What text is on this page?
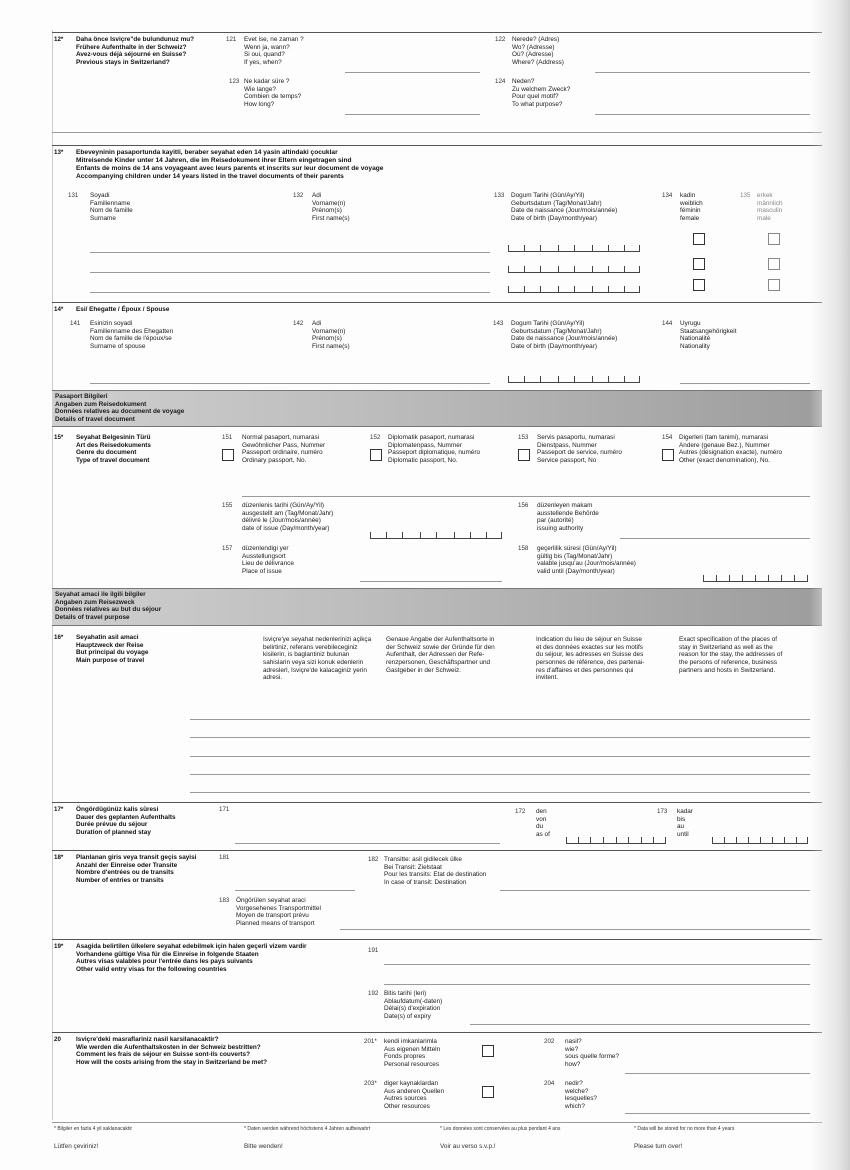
12* Daha önce Isviçre"de bulundunuz mu?
Frühere Aufenthalte in der Schweiz?
Avez-vous déjà séjourné en Suisse?
Previous stays in Switzerland?
121 Evet ise, ne zaman ?
Wenn ja, wann?
Si oui, quand?
If yes, when?
122 Nerede? (Adres)
Wo? (Adresse)
Où? (Adresse)
Where? (Address)
123 Ne kadar süre ?
Wie lange?
Combien de temps?
How long?
124 Neden?
Zu welchem Zweck?
Pour quel motif?
To what purpose?
13* Ebeveyninin pasaportunda kayitli, beraber seyahat eden 14 yasin altindaki çocuklar
Mitreisende Kinder unter 14 Jahren, die im Reisedokument ihrer Eltern eingetragen sind
Enfants de moins de 14 ans voyageant avec leurs parents et inscrits sur leur document de voyage
Accompanying children under 14 years listed in the travel documents of their parents
131 Soyadi
Familienname
Nom de famille
Surname
132 Adi
Vorname(n)
Prénom(s)
First name(s)
133 Dogum Tarihi (Gün/Ay/Yil)
Geburtsdatum (Tag/Monat/Jahr)
Date de naissance (Jour/mois/année)
Date of birth (Day/month/year)
134 kadin
weiblich
féminin
female
135 erkek
männlich
masculin
male
14* Esi/ Ehegatte / Époux / Spouse
141 Esinizin soyadi
Familienname des Ehegatten
Nom de famille de l'époux/se
Surname of spouse
142 Adi
Vorname(n)
Prénom(s)
First name(s)
143 Dogum Tarihi (Gün/Ay/Yil)
Geburtsdatum (Tag/Monat/Jahr)
Date de naissance (Jour/mois/année)
Date of birth (Day/month/year)
144 Uyrugu
Staatsangehörigkeit
Nationalité
Nationality
Pasaport Bilgileri
Angaben zum Reisedokument
Données relatives au document de voyage
Details of travel document
15* Seyahat Belgesinin Türü
Art des Reisedokuments
Genre du document
Type of travel document
151 Normal pasaport, numarasi
Gewöhnlicher Pass, Nummer
Passeport ordinaire, numéro
Ordinary passport, No.
152 Diplomatik pasaport, numarasi
Diplomatenpass, Nummer
Passeport diplomatique, numéro
Diplomatic passport, No.
153 Servis pasaportu, numarasi
Dienstpass, Nummer
Passeport de service, numéro
Service passport, No
154 Digerleri (tam tanimi), numarasi
Andere (genaue Bez.), Nummer
Autres (désignation exacte), numéro
Other (exact denomination), No.
155 düzenlenis tarihi (Gün/Ay/Yil)
ausgestellt am (Tag/Monat/Jahr)
délivré le (Jour/mois/année)
date of issue (Day/month/year)
156 düzenleyen makam
ausstellende Behörde
par (autorité)
issuing authority
157 düzenlendigi yer
Ausstellungsort
Lieu de délivrance
Place of issue
158 geçerlilik süresi (Gün/Ay/Yil)
gültig bis (Tag/Monat/Jahr)
valable jusqu'au (Jour/mois/année)
valid until (Day/month/year)
Seyahat amaci ile ilgili bilgiler
Angaben zum Reisezweck
Données relatives au but du séjour
Details of travel purpose
16* Seyahatin asil amaci
Hauptzweck der Reise
But principal du voyage
Main purpose of travel
Isviçre'ye seyahat nedenlerinizi açikça
belirtiniz, referans verebileceginiz
kisilerin, is baglantiniz bulunan
sahislarin veya sizi konuk edenlerin
adreslerl, Isviçre'de kalacaginiz yerin
adresi.
Genaue Angabe der Aufenthaltsorte in
der Schweiz sowie der Gründe für den
Aufenthalt, der Adressen der Refe-
renzpersonen, Geschäftspartner und
Gastgeber in der Schweiz.
Indication du lieu de séjour en Suisse
et des données exactes sur les motifs
du séjour, les adresses en Suisse des
personnes de référence, des partenai-
res d'affaires et des personnes qui
invitent.
Exact specification of the places of
stay in Switzerland as well as the
reason for the stay, the addresses of
the persons of reference, business
partners and hosts in Switzerland.
17* Öngördügünüz kalis süresi
Dauer des geplanten Aufenthalts
Durée prévue du séjour
Duration of planned stay
171	172 den
von
du
as of
173 kadar
bis
au
until
18* Planlanan giris veya transit geçis sayisi
Anzahl der Einreise oder Transite
Nombre d'entrées ou de transits
Number of entries or transits
181	182 Transitte: asil gidilecek ülke
Bei Transit: Zielstaat
Pour les transits: Etat de destination
In case of transit: Destination
183 Öngörülen seyahat araci
Vorgesehenes Transportmittel
Moyen de transport prévu
Planned means of transport
19* Asagida belirtilen ülkelere seyahat edebilmek için halen geçerli vizem vardir
Vorhandene gültige Visa für die Einreise in folgende Staaten
Autres visas valables pour l'entrée dans les pays suivants
Other valid entry visas for the following countries
191
192 Bitis tarihi (leri)
Ablaufdatum(-daten)
Délai(s) d'expiration
Date(s) of expiry
20 Isviçre'deki masraflariniz nasil karsilanacaktir?
Wie werden die Aufenthaltskosten in der Schweiz bestritten?
Comment les frais de séjour en Suisse sont-ils couverts?
How will the costs arising from the stay in Switzerland be met?
201* kendi imkanlarimla
Aus eigenen Mitteln
Fonds propres
Personal resources
202 nasil?
wie?
sous quelle forme?
how?
203* diger kaynaklardan
Aus anderen Quellen
Autres sources
Other resources
204 nedir?
welche?
lesquelles?
which?
* Bilgiler en fazla 4 yil saklanacaktir	* Daten werden während höchstens 4 Jahren aufbewahrt	* Les données sont conservées au plus pendant 4 ans	* Data will be stored for no more than 4 years
Lütfen çeviriniz!	Bitte wenden!	Voir au verso s.v.p.!	Please turn over!
